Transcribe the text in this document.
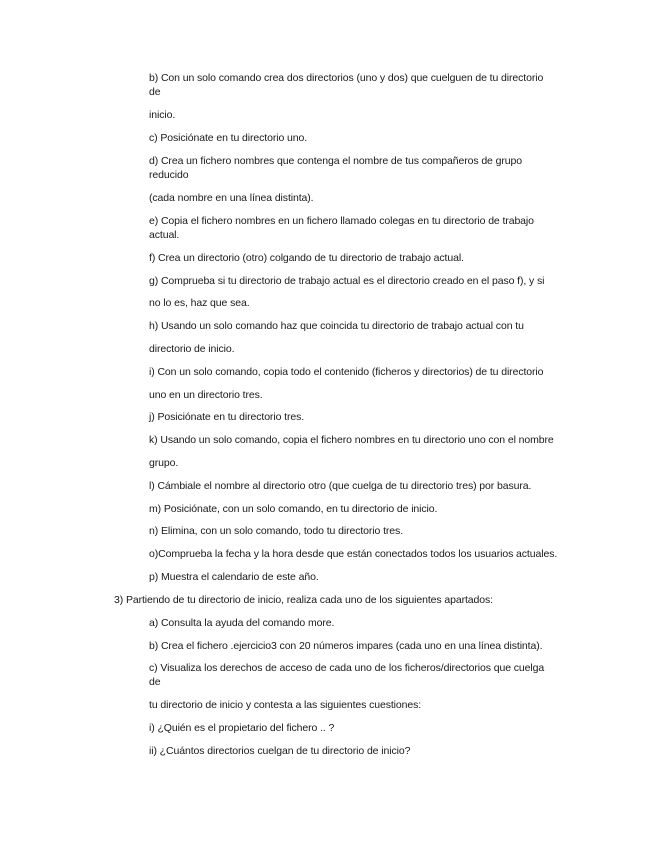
b) Con un solo comando crea dos directorios (uno y dos) que cuelguen de tu directorio
de
inicio.
c) Posiciónate en tu directorio uno.
d) Crea un fichero nombres que contenga el nombre de tus compañeros de grupo
reducido
(cada nombre en una línea distinta).
e) Copia el fichero nombres en un fichero llamado colegas en tu directorio de trabajo
actual.
f) Crea un directorio (otro) colgando de tu directorio de trabajo actual.
g) Comprueba si tu directorio de trabajo actual es el directorio creado en el paso f), y si
no lo es, haz que sea.
h) Usando un solo comando haz que coincida tu directorio de trabajo actual con tu
directorio de inicio.
i) Con un solo comando, copia todo el contenido (ficheros y directorios) de tu directorio
uno en un directorio tres.
j) Posiciónate en tu directorio tres.
k) Usando un solo comando, copia el fichero nombres en tu directorio uno con el nombre
grupo.
l) Cámbiale el nombre al directorio otro (que cuelga de tu directorio tres) por basura.
m) Posiciónate, con un solo comando, en tu directorio de inicio.
n) Elimina, con un solo comando, todo tu directorio tres.
o)Comprueba la fecha y la hora desde que están conectados todos los usuarios actuales.
p) Muestra el calendario de este año.
3) Partiendo de tu directorio de inicio, realiza cada uno de los siguientes apartados:
a) Consulta la ayuda del comando more.
b) Crea el fichero .ejercicio3 con 20 números impares (cada uno en una línea distinta).
c) Visualiza los derechos de acceso de cada uno de los ficheros/directorios que cuelga
de
tu directorio de inicio y contesta a las siguientes cuestiones:
i) ¿Quién es el propietario del fichero .. ?
ii) ¿Cuántos directorios cuelgan de tu directorio de inicio?
